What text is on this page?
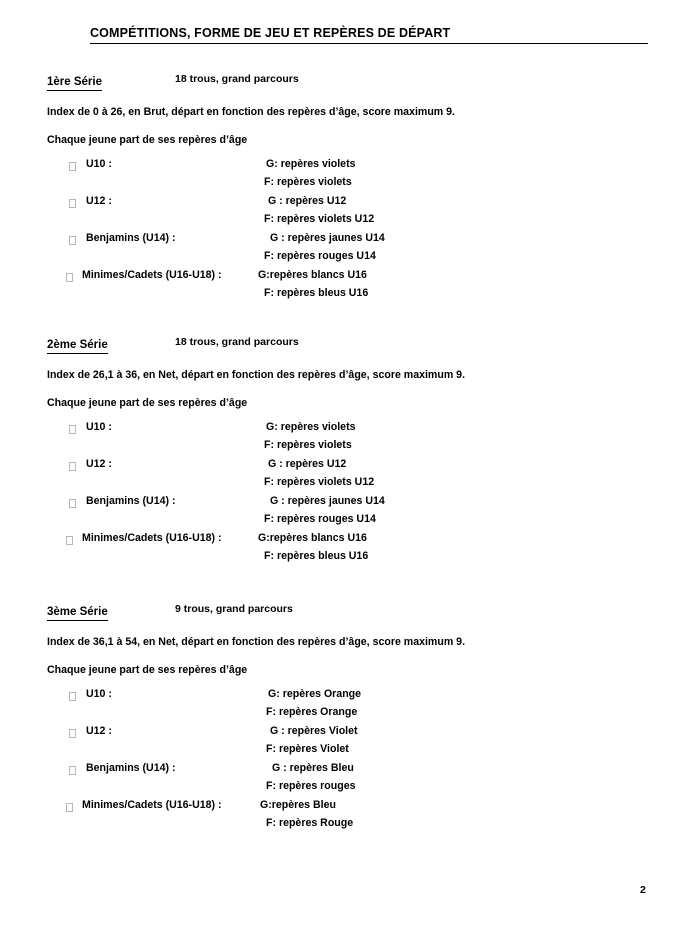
COMPÉTITIONS, FORME DE JEU ET REPÈRES DE DÉPART
1ère Série	18 trous, grand parcours
Index de 0 à 26, en Brut, départ en fonction des repères d’âge, score maximum 9.
Chaque jeune part de ses repères d’âge
U10 :	G: repères violets
F: repères violets
U12 :	G : repères U12
F: repères violets U12
Benjamins (U14) :	G : repères jaunes U14
F: repères rouges U14
Minimes/Cadets (U16-U18) :	G:repères blancs U16
F: repères bleus U16
2ème Série	18 trous, grand parcours
Index de 26,1 à 36, en Net, départ en fonction des repères d’âge, score maximum 9.
Chaque jeune part de ses repères d’âge
U10 :	G: repères violets
F: repères violets
U12 :	G : repères U12
F: repères violets U12
Benjamins (U14) :	G : repères jaunes U14
F: repères rouges U14
Minimes/Cadets (U16-U18) :	G:repères blancs U16
F: repères bleus U16
3ème Série	9 trous, grand parcours
Index de 36,1 à 54, en Net, départ en fonction des repères d’âge, score maximum 9.
Chaque jeune part de ses repères d’âge
U10 :	G: repères Orange
F: repères Orange
U12 :	G : repères Violet
F: repères Violet
Benjamins (U14) :	G : repères Bleu
F: repères rouges
Minimes/Cadets (U16-U18) :	G:repères Bleu
F: repères Rouge
2
